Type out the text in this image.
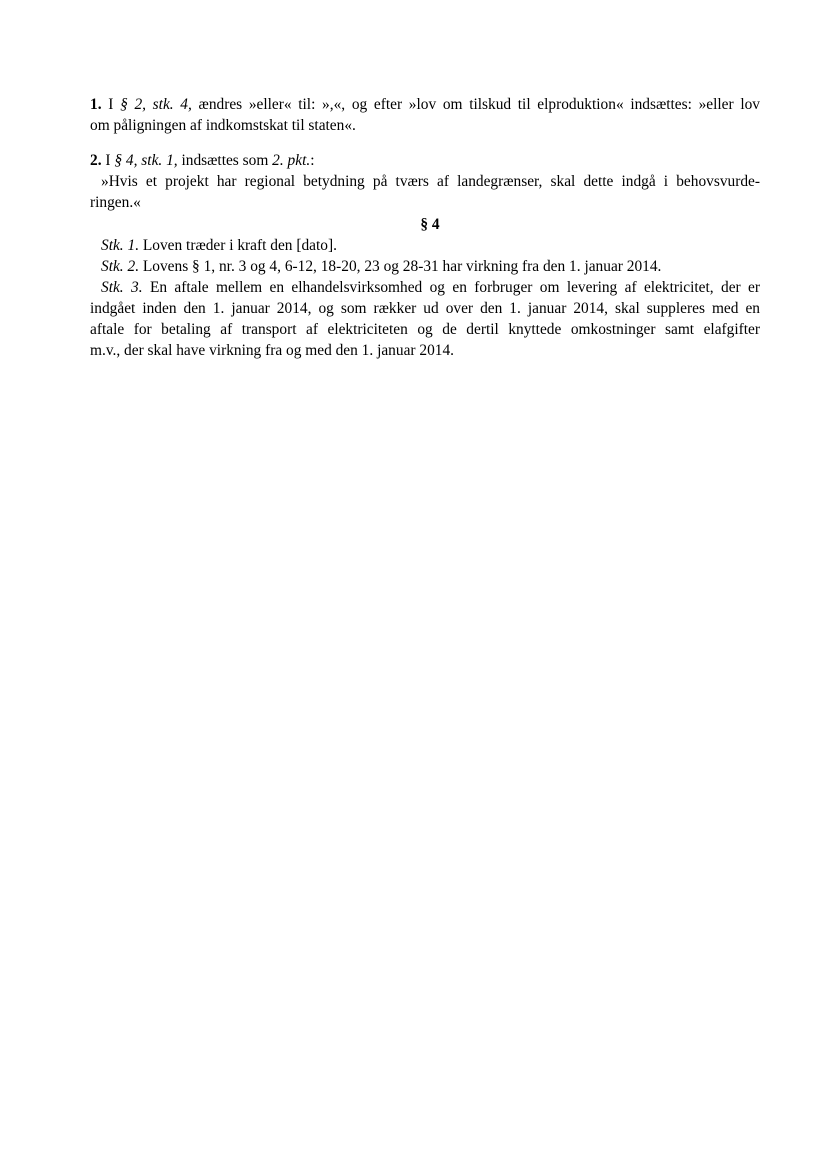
1. I § 2, stk. 4, ændres »eller« til: »,«, og efter »lov om tilskud til elproduktion« indsættes: »eller lov
om påligningen af indkomstskat til staten«.
2. I § 4, stk. 1, indsættes som 2. pkt.:
»Hvis et projekt har regional betydning på tværs af landegrænser, skal dette indgå i behovsvurde-
ringen.«
§ 4
Stk. 1. Loven træder i kraft den [dato].
Stk. 2. Lovens § 1, nr. 3 og 4, 6-12, 18-20, 23 og 28-31 har virkning fra den 1. januar 2014.
Stk. 3. En aftale mellem en elhandelsvirksomhed og en forbruger om levering af elektricitet, der er
indgået inden den 1. januar 2014, og som rækker ud over den 1. januar 2014, skal suppleres med en
aftale for betaling af transport af elektriciteten og de dertil knyttede omkostninger samt elafgifter
m.v., der skal have virkning fra og med den 1. januar 2014.
